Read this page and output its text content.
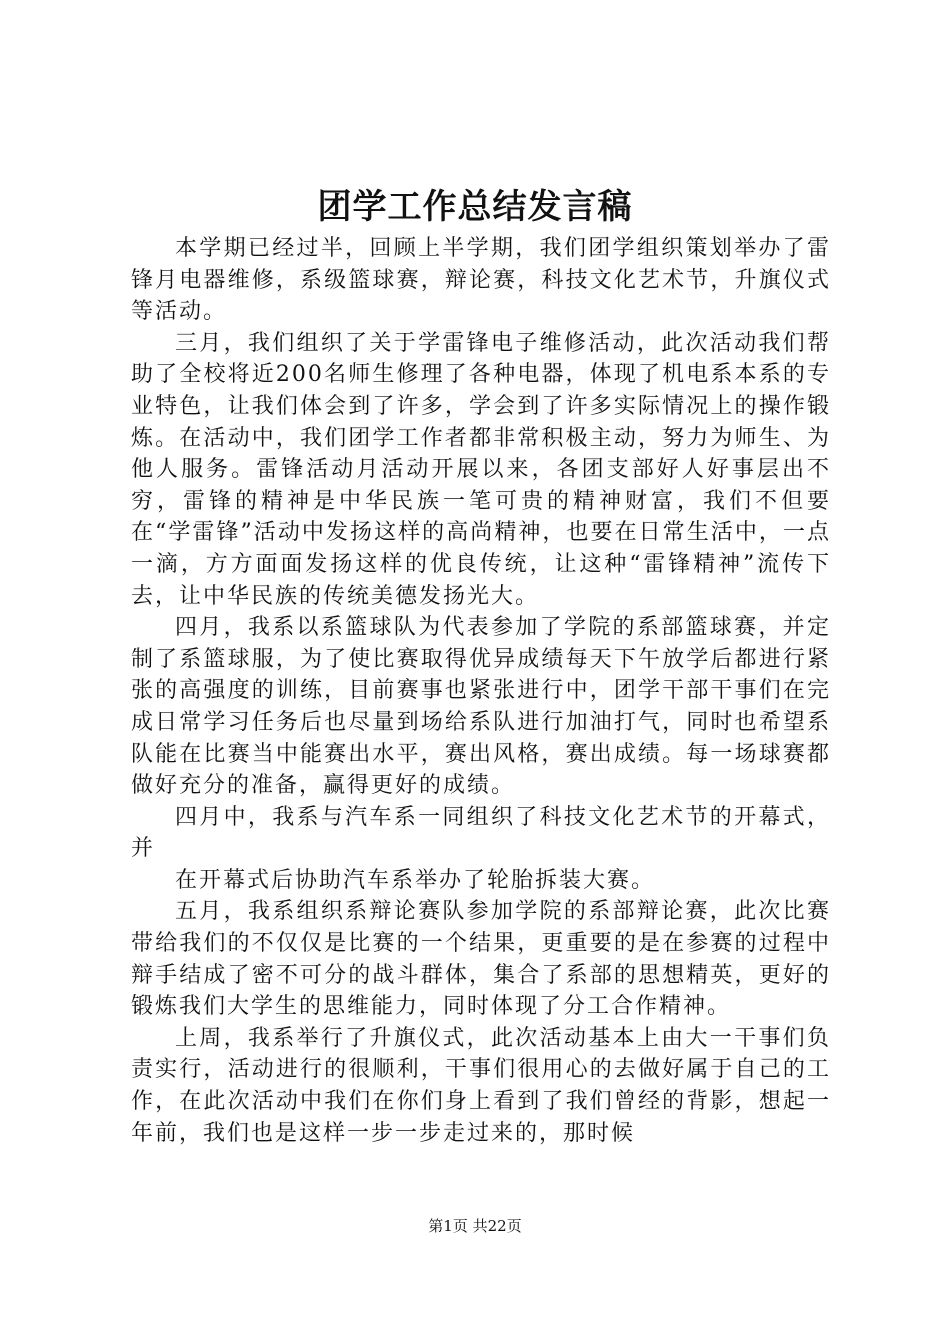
团学工作总结发言稿

本学期已经过半，回顾上半学期，我们团学组织策划举办了雷锋月电器维修，系级篮球赛，辩论赛，科技文化艺术节，升旗仪式等活动。

三月，我们组织了关于学雷锋电子维修活动，此次活动我们帮助了全校将近200名师生修理了各种电器，体现了机电系本系的专业特色，让我们体会到了许多，学会到了许多实际情况上的操作锻炼。在活动中，我们团学工作者都非常积极主动，努力为师生、为他人服务。雷锋活动月活动开展以来，各团支部好人好事层出不穷，雷锋的精神是中华民族一笔可贵的精神财富，我们不但要在“学雷锋”活动中发扬这样的高尚精神，也要在日常生活中，一点一滴，方方面面发扬这样的优良传统，让这种“雷锋精神”流传下去，让中华民族的传统美德发扬光大。

四月，我系以系篮球队为代表参加了学院的系部篮球赛，并定制了系篮球服，为了使比赛取得优异成绩每天下午放学后都进行紧张的高强度的训练，目前赛事也紧张进行中，团学干部干事们在完成日常学习任务后也尽量到场给系队进行加油打气，同时也希望系队能在比赛当中能赛出水平，赛出风格，赛出成绩。每一场球赛都做好充分的准备，赢得更好的成绩。

四月中，我系与汽车系一同组织了科技文化艺术节的开幕式，并

在开幕式后协助汽车系举办了轮胎拆装大赛。

五月，我系组织系辩论赛队参加学院的系部辩论赛，此次比赛带给我们的不仅仅是比赛的一个结果，更重要的是在参赛的过程中辩手结成了密不可分的战斗群体，集合了系部的思想精英，更好的锻炼我们大学生的思维能力，同时体现了分工合作精神。

上周，我系举行了升旗仪式，此次活动基本上由大一干事们负责实行，活动进行的很顺利，干事们很用心的去做好属于自己的工作，在此次活动中我们在你们身上看到了我们曾经的背影，想起一年前，我们也是这样一步一步走过来的，那时候

第1页 共22页
